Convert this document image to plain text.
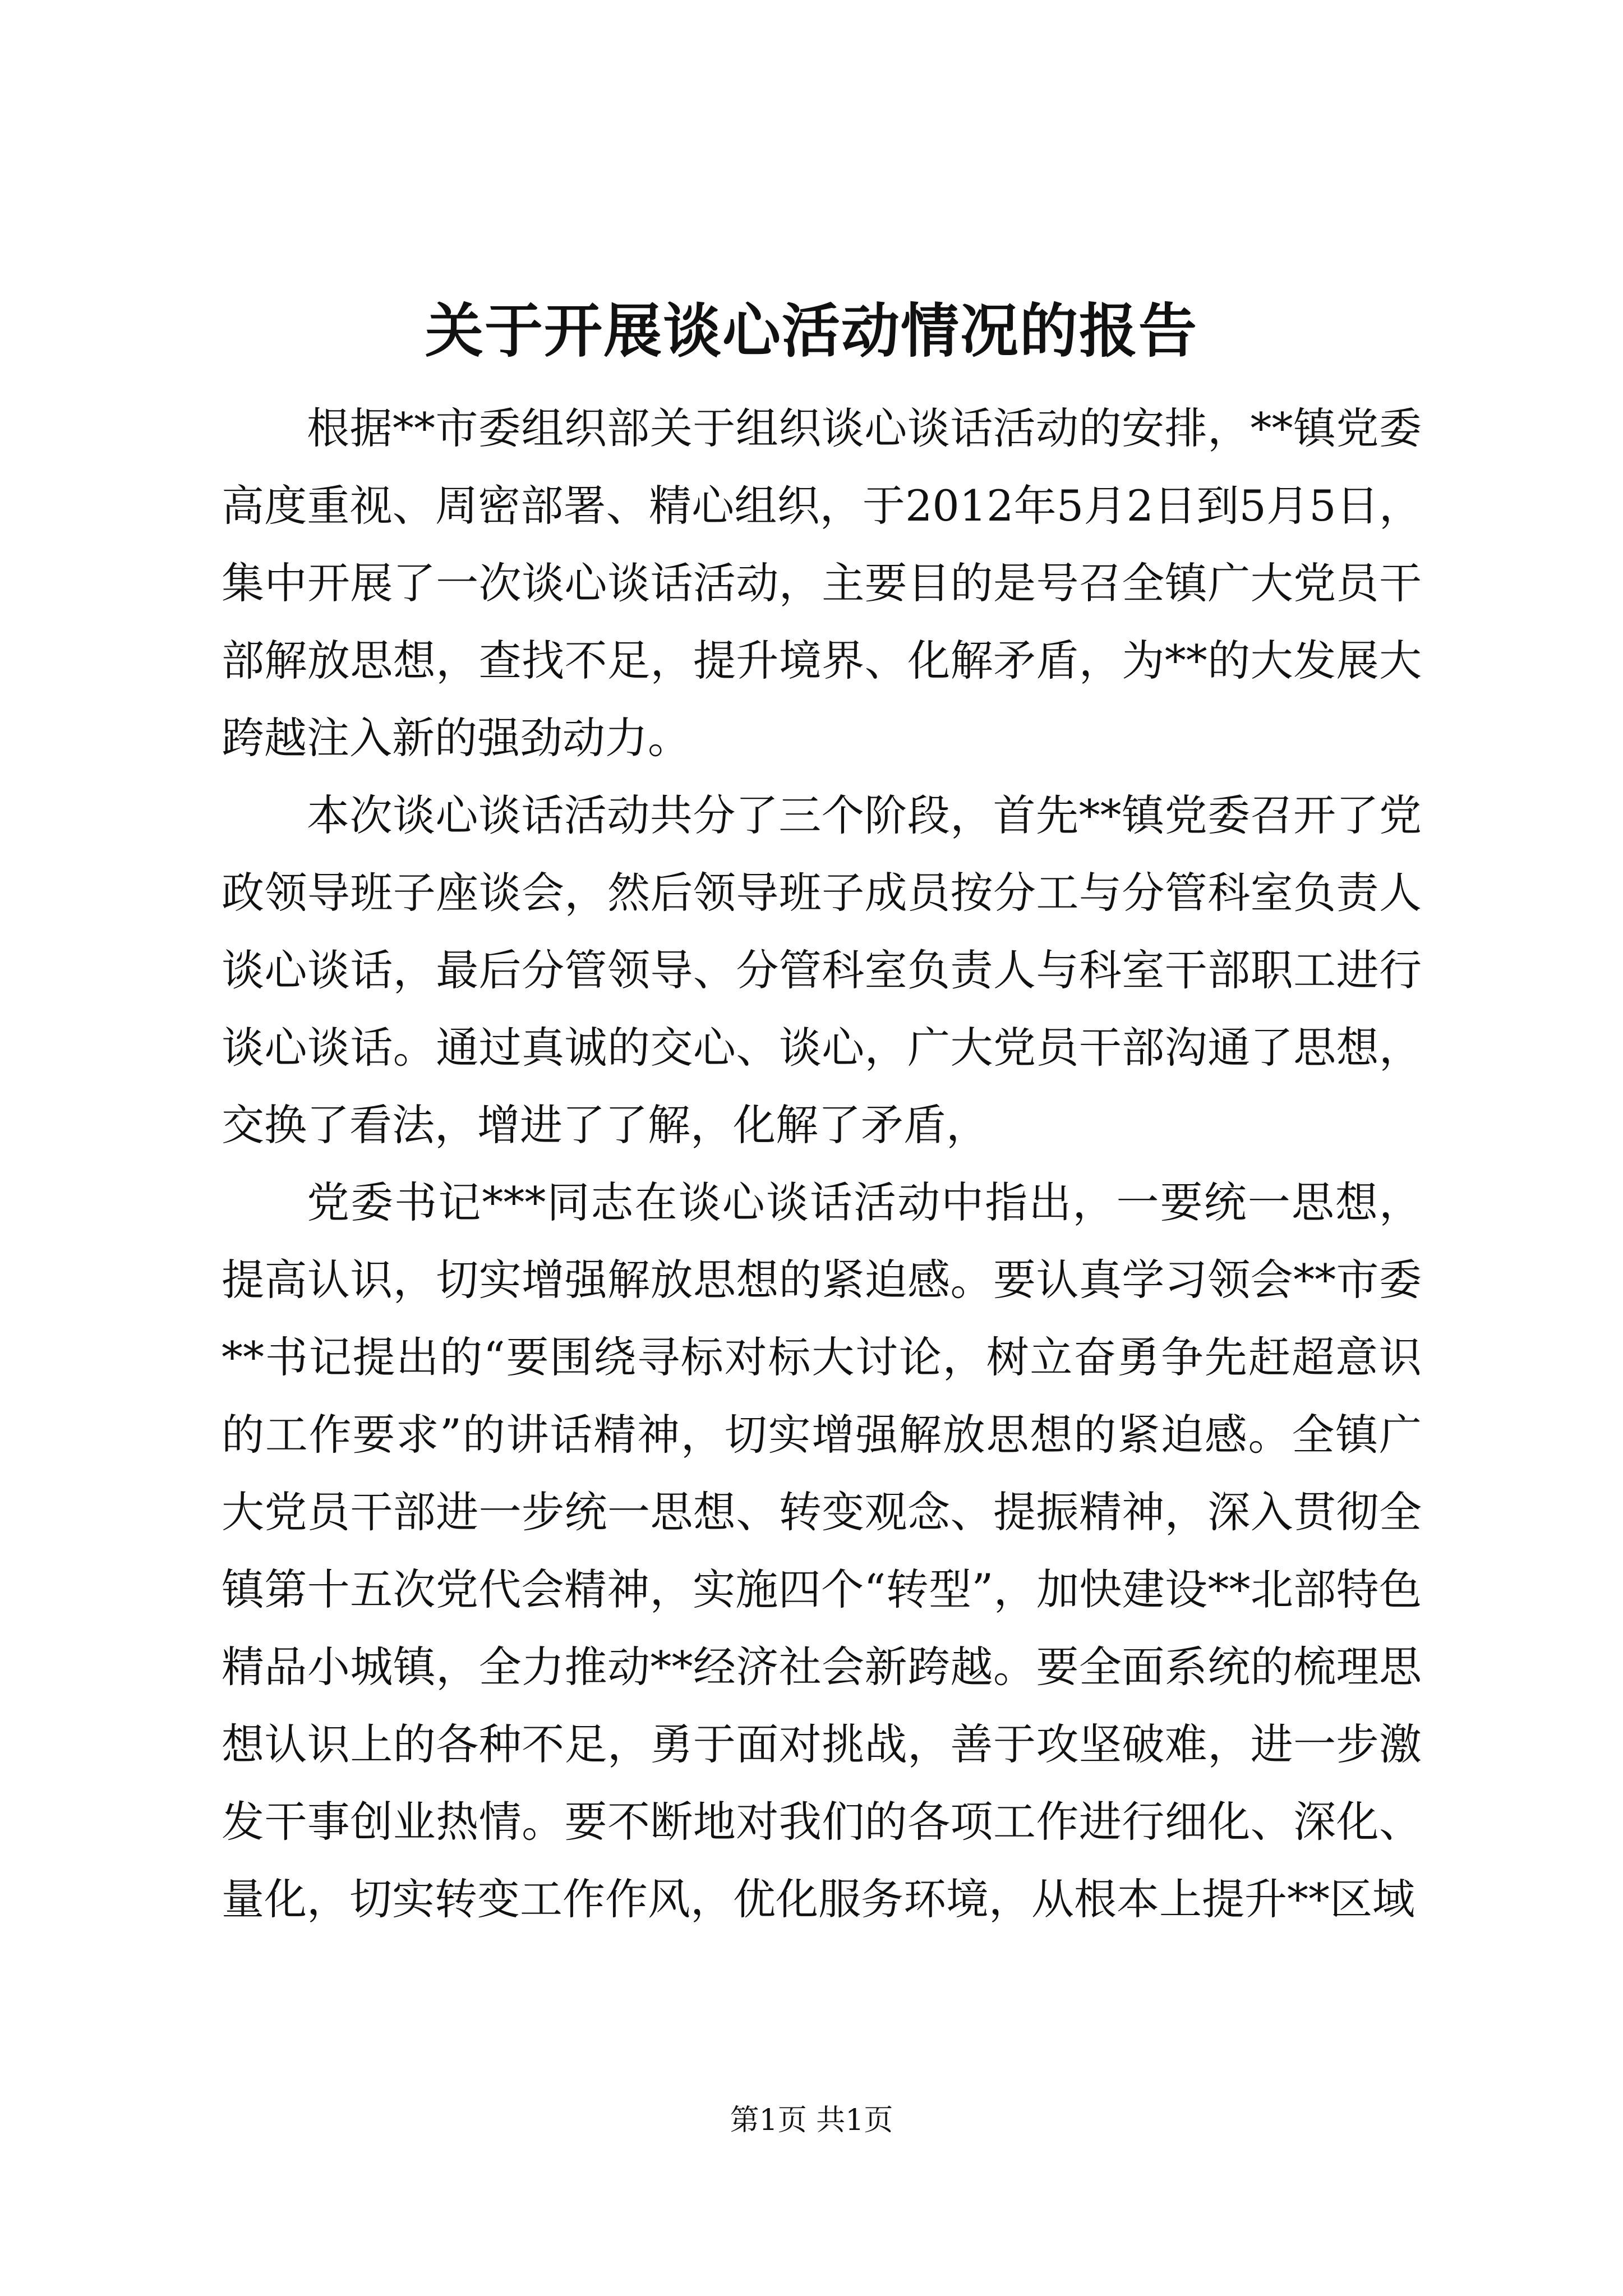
关于开展谈心活动情况的报告

根据**市委组织部关于组织谈心谈话活动的安排，**镇党委高度重视、周密部署、精心组织，于2012年5月2日到5月5日，集中开展了一次谈心谈话活动，主要目的是号召全镇广大党员干部解放思想，查找不足，提升境界、化解矛盾，为**的大发展大跨越注入新的强劲动力。

本次谈心谈话活动共分了三个阶段，首先**镇党委召开了党政领导班子座谈会，然后领导班子成员按分工与分管科室负责人谈心谈话，最后分管领导、分管科室负责人与科室干部职工进行谈心谈话。通过真诚的交心、谈心，广大党员干部沟通了思想，交换了看法，增进了了解，化解了矛盾，

党委书记***同志在谈心谈话活动中指出，一要统一思想，提高认识，切实增强解放思想的紧迫感。要认真学习领会**市委**书记提出的“要围绕寻标对标大讨论，树立奋勇争先赶超意识的工作要求”的讲话精神，切实增强解放思想的紧迫感。全镇广大党员干部进一步统一思想、转变观念、提振精神，深入贯彻全镇第十五次党代会精神，实施四个“转型”，加快建设**北部特色精品小城镇，全力推动**经济社会新跨越。要全面系统的梳理思想认识上的各种不足，勇于面对挑战，善于攻坚破难，进一步激发干事创业热情。要不断地对我们的各项工作进行细化、深化、量化，切实转变工作作风，优化服务环境，从根本上提升**区域

第1页 共1页
